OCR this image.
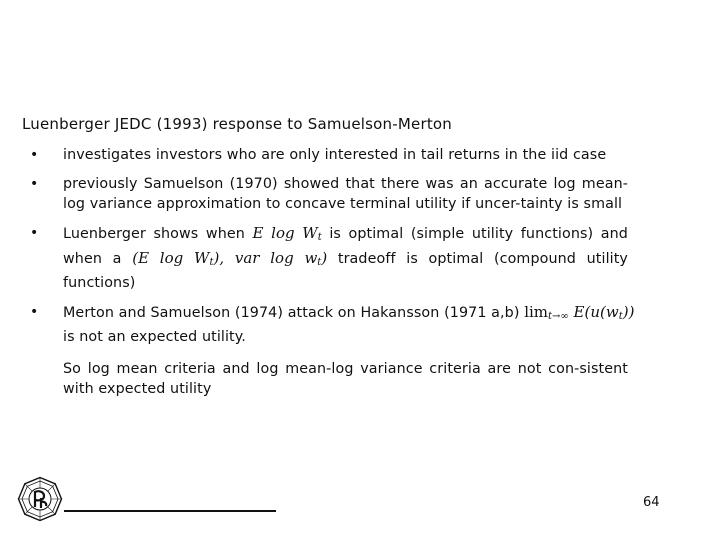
Luenberger JEDC (1993) response to Samuelson-Merton
• investigates investors who are only interested in tail returns in the iid case
• previously Samuelson (1970) showed that there was an accurate log mean-log variance approximation to concave terminal utility if uncer-tainty is small
• Luenberger shows when E log Wt is optimal (simple utility functions) and when a (E log Wt), var log wt) tradeoff is optimal (compound utility functions)
• Merton and Samuelson (1974) attack on Hakansson (1971 a,b) limt→∞ E(u(wt)) is not an expected utility.
So log mean criteria and log mean-log variance criteria are not con-sistent with expected utility
64
